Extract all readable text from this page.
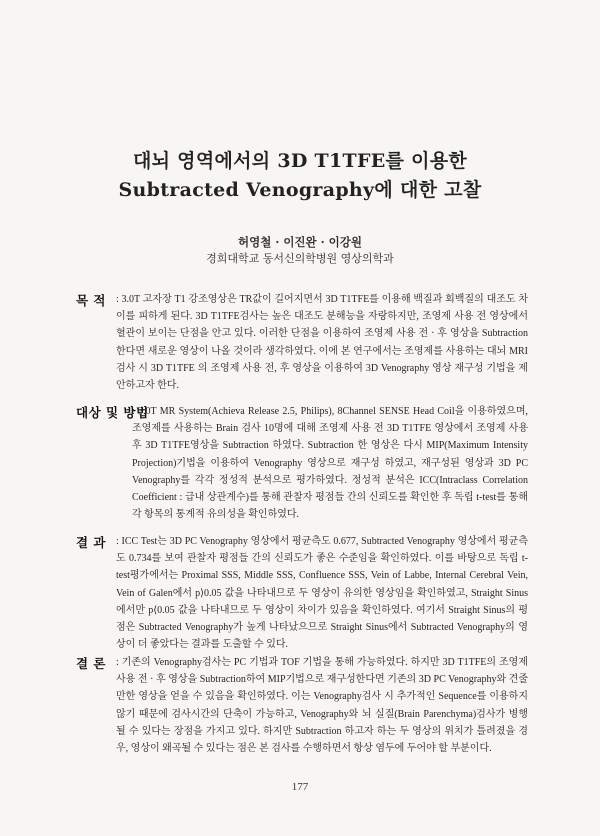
대뇌 영역에서의 3D T1TFE를 이용한
Subtracted Venography에 대한 고찰
허영철 · 이진완 · 이강원
경희대학교 동서신의학병원 영상의학과
목 적 : 3.0T 고자장 T1 강조영상은 TR값이 길어지면서 3D T1TFE를 이용해 백질과 회백질의 대조도 차이를 피하게 된다. 3D T1TFE검사는 높은 대조도 분해능을 자랑하지만, 조영제 사용 전 영상에서 혈관이 보이는 단점을 안고 있다. 이러한 단점을 이용하여 조영제 사용 전 · 후 영상을 Subtraction 한다면 새로운 영상이 나올 것이라 생각하였다. 이에 본 연구에서는 조영제를 사용하는 대뇌 MRI 검사 시 3D T1TFE 의 조영제 사용 전, 후 영상을 이용하여 3D Venography 영상 재구성 기법을 제안하고자 한다.
대상 및 방법
: 3.0T MR System(Achieva Release 2.5, Philips), 8Channel SENSE Head Coil을 이용하였으며, 조영제를 사용하는 Brain 검사 10명에 대해 조영제 사용 전 3D T1TFE 영상에서 조영제 사용 후 3D T1TFE영상을 Subtraction 하였다. Subtraction 한 영상은 다시 MIP(Maximum Intensity Projection)기법을 이용하여 Venography 영상으로 재구성 하였고, 재구성된 영상과 3D PC Venography를 각각 정성적 분석으로 평가하였다. 정성적 분석은 ICC(Intraclass Correlation Coefficient : 급내 상관계수)를 통해 관찰자 평점들 간의 신뢰도를 확인한 후 독립 t-test를 통해 각 항목의 통계적 유의성을 확인하였다.
결 과 : ICC Test는 3D PC Venography 영상에서 평균측도 0.677, Subtracted Venography 영상에서 평균측도 0.734를 보여 관찰자 평점들 간의 신뢰도가 좋은 수준임을 확인하였다. 이를 바탕으로 독립 t-test평가에서는 Proximal SSS, Middle SSS, Confluence SSS, Vein of Labbe, Internal Cerebral Vein, Vein of Galen에서 p⟩0.05 값을 나타내므로 두 영상이 유의한 영상임을 확인하였고, Straight Sinus에서만 p⟨0.05 값을 나타내므로 두 영상이 차이가 있음을 확인하였다. 여기서 Straight Sinus의 평점은 Subtracted Venography가 높게 나타났으므로 Straight Sinus에서 Subtracted Venography의 영상이 더 좋았다는 결과를 도출할 수 있다.
결 론 : 기존의 Venography검사는 PC 기법과 TOF 기법을 통해 가능하였다. 하지만 3D T1TFE의 조영제 사용 전 · 후 영상을 Subtraction하여 MIP기법으로 재구성한다면 기존의 3D PC Venography와 견줄 만한 영상을 얻을 수 있음을 확인하였다. 이는 Venography검사 시 추가적인 Sequence를 이용하지 않기 때문에 검사시간의 단축이 가능하고, Venography와 뇌 실질(Brain Parenchyma)검사가 병행될 수 있다는 장점을 가지고 있다. 하지만 Subtraction 하고자 하는 두 영상의 위치가 틀려졌을 경우, 영상이 왜곡될 수 있다는 점은 본 검사를 수행하면서 항상 염두에 두어야 할 부분이다.
177
